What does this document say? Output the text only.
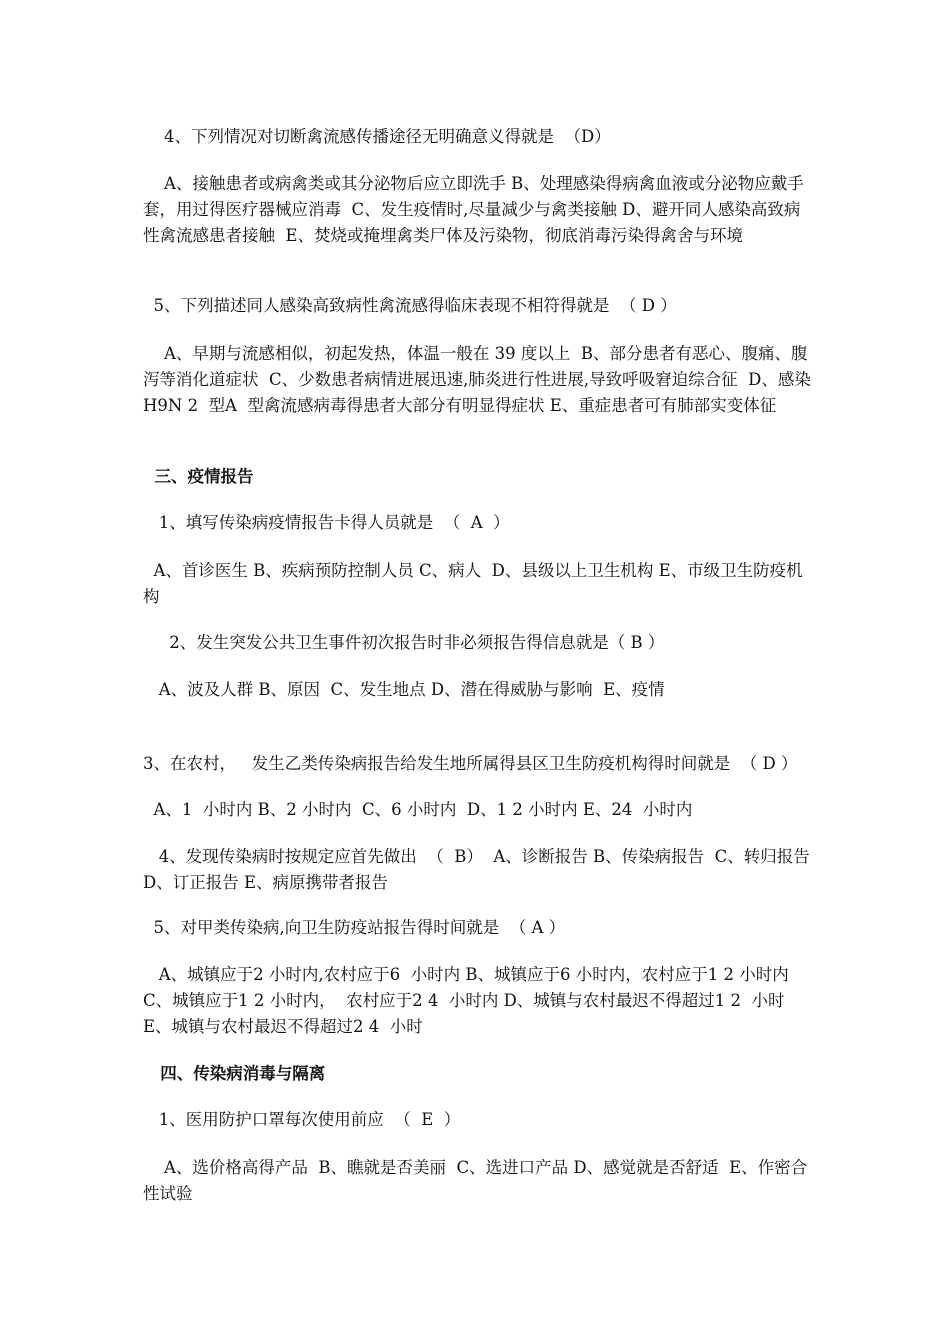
4、下列情况对切断禽流感传播途径无明确意义得就是  （D）

A、接触患者或病禽类或其分泌物后应立即洗手 B、处理感染得病禽血液或分泌物应戴手套，用过得医疗器械应消毒  C、发生疫情时,尽量减少与禽类接触 D、避开同人感染高致病性禽流感患者接触  E、焚烧或掩埋禽类尸体及污染物，彻底消毒污染得禽舍与环境

5、下列描述同人感染高致病性禽流感得临床表现不相符得就是  （ D ）

A、早期与流感相似，初起发热，体温一般在 39 度以上  B、部分患者有恶心、腹痛、腹泻等消化道症状  C、少数患者病情进展迅速,肺炎进行性进展,导致呼吸窘迫综合征  D、感染 H9N 2  型A  型禽流感病毒得患者大部分有明显得症状 E、重症患者可有肺部实变体征

三、疫情报告

1、填写传染病疫情报告卡得人员就是  （  A  ）

A、首诊医生 B、疾病预防控制人员 C、病人  D、县级以上卫生机构 E、市级卫生防疫机构

2、发生突发公共卫生事件初次报告时非必须报告得信息就是（ B ）

A、波及人群 B、原因  C、发生地点 D、潜在得威胁与影响  E、疫情

3、在农村，   发生乙类传染病报告给发生地所属得县区卫生防疫机构得时间就是  （ D ）

A、1  小时内 B、2 小时内  C、6 小时内  D、1 2 小时内 E、24  小时内

4、发现传染病时按规定应首先做出  （  B）  A、诊断报告 B、传染病报告  C、转归报告  D、订正报告 E、病原携带者报告

5、对甲类传染病,向卫生防疫站报告得时间就是  （ A ）

A、城镇应于2 小时内,农村应于6  小时内 B、城镇应于6 小时内，农村应于1 2 小时内  C、城镇应于1 2 小时内，  农村应于2 4  小时内 D、城镇与农村最迟不得超过1 2  小时  E、城镇与农村最迟不得超过2 4  小时

四、传染病消毒与隔离

1、医用防护口罩每次使用前应  （  E  ）

A、选价格高得产品  B、瞧就是否美丽  C、选进口产品 D、感觉就是否舒适  E、作密合性试验
